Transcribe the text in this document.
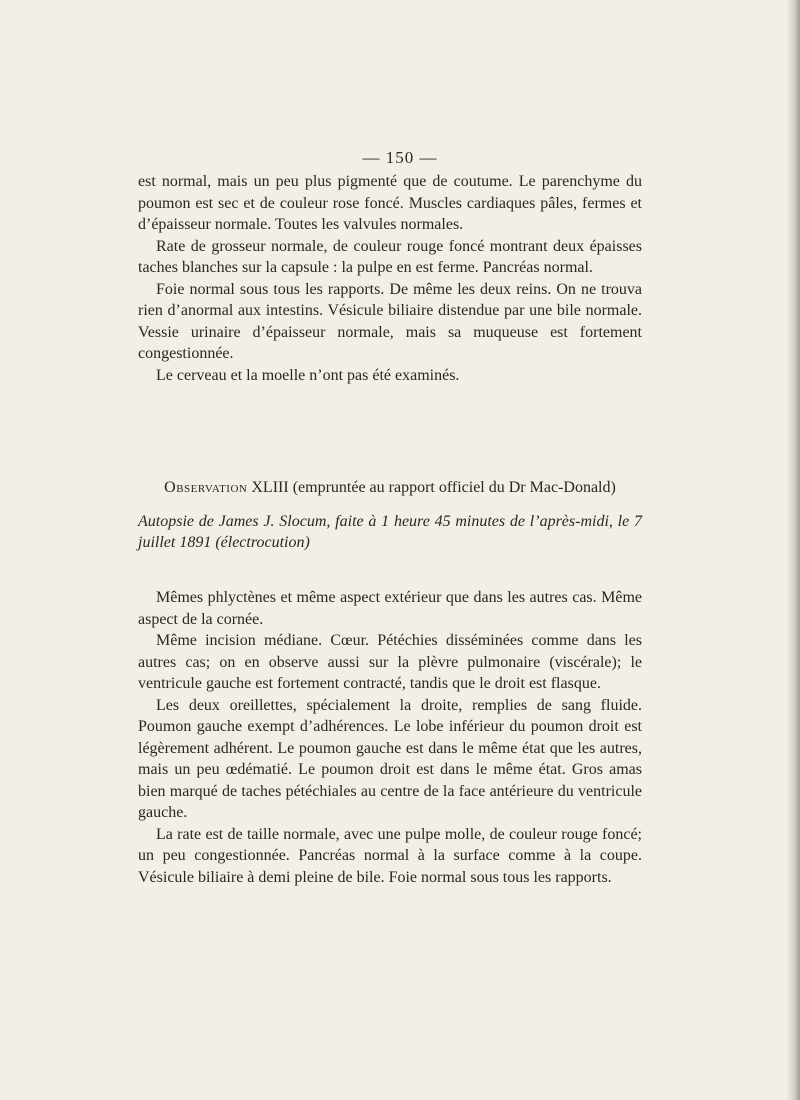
— 150 —

est normal, mais un peu plus pigmenté que de coutume. Le parenchyme du poumon est sec et de couleur rose foncé. Muscles cardiaques pâles, fermes et d’épaisseur normale. Toutes les valvules normales.

Rate de grosseur normale, de couleur rouge foncé montrant deux épaisses taches blanches sur la capsule : la pulpe en est ferme. Pancréas normal.

Foie normal sous tous les rapports. De même les deux reins. On ne trouva rien d’anormal aux intestins. Vésicule biliaire distendue par une bile normale. Vessie urinaire d’épaisseur normale, mais sa muqueuse est fortement congestionnée.

Le cerveau et la moelle n’ont pas été examinés.

Observation XLIII (empruntée au rapport officiel du Dr Mac-Donald)

Autopsie de James J. Slocum, faite à 1 heure 45 minutes de l’après-midi, le 7 juillet 1891 (électrocution)

Mêmes phlyctènes et même aspect extérieur que dans les autres cas. Même aspect de la cornée.

Même incision médiane. Cœur. Pétéchies disséminées comme dans les autres cas; on en observe aussi sur la plèvre pulmonaire (viscérale); le ventricule gauche est fortement contracté, tandis que le droit est flasque.

Les deux oreillettes, spécialement la droite, remplies de sang fluide. Poumon gauche exempt d’adhérences. Le lobe inférieur du poumon droit est légèrement adhérent. Le poumon gauche est dans le même état que les autres, mais un peu œdématié. Le poumon droit est dans le même état. Gros amas bien marqué de taches pétéchiales au centre de la face antérieure du ventricule gauche.

La rate est de taille normale, avec une pulpe molle, de couleur rouge foncé; un peu congestionnée. Pancréas normal à la surface comme à la coupe. Vésicule biliaire à demi pleine de bile. Foie normal sous tous les rapports.
